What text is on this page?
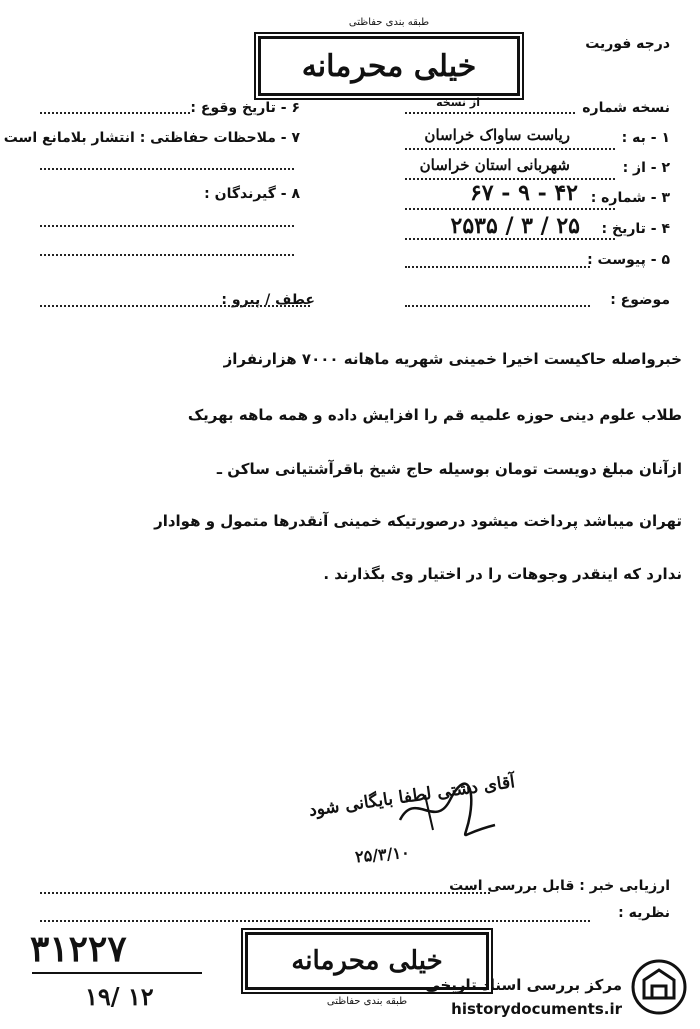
درجه فوریت
طبقه بندی حفاظتی
خیلی محرمانه
۶ - تاریخ وقوع :
۷ - ملاحظات حفاظتی : انتشار بلامانع است
۸ - گیرندگان :
عطف / پیرو :
نسخه شماره
از نسخه
۱ - به :
ریاست ساواک خراسان
۲ - از :
شهربانی استان خراسان
۳ - شماره :
۴۲ - ۹ - ۶۷
۴ - تاریخ :
۲۵ / ۳ / ۲۵۳۵
۵ - پیوست :
موضوع :
خبرواصله حاکیست اخیرا خمینی شهریه ماهانه ۷۰۰۰ هزارنفراز
طلاب علوم دینی حوزه علمیه قم را افزایش داده و همه ماهه بهریک
ازآنان مبلغ دویست تومان بوسیله حاج شیخ باقرآشتیانی ساکن ـ
تهران میباشد پرداخت میشود درصورتیکه خمینی آنقدرها متمول و هوادار
ندارد که اینقدر وجوهات را در اختیار وی بگذارند .
آقای دشتی لطفا بایگانی شود
۲۵/۳/۱۰
ارزیابی خبر : قابل بررسی است
نظریه :
۳۱۲۲۷
۱۹/ ۱۲
خیلی محرمانه
طبقه بندی حفاظتی
مرکز بررسی اسناد تاریخی
historydocuments.ir
